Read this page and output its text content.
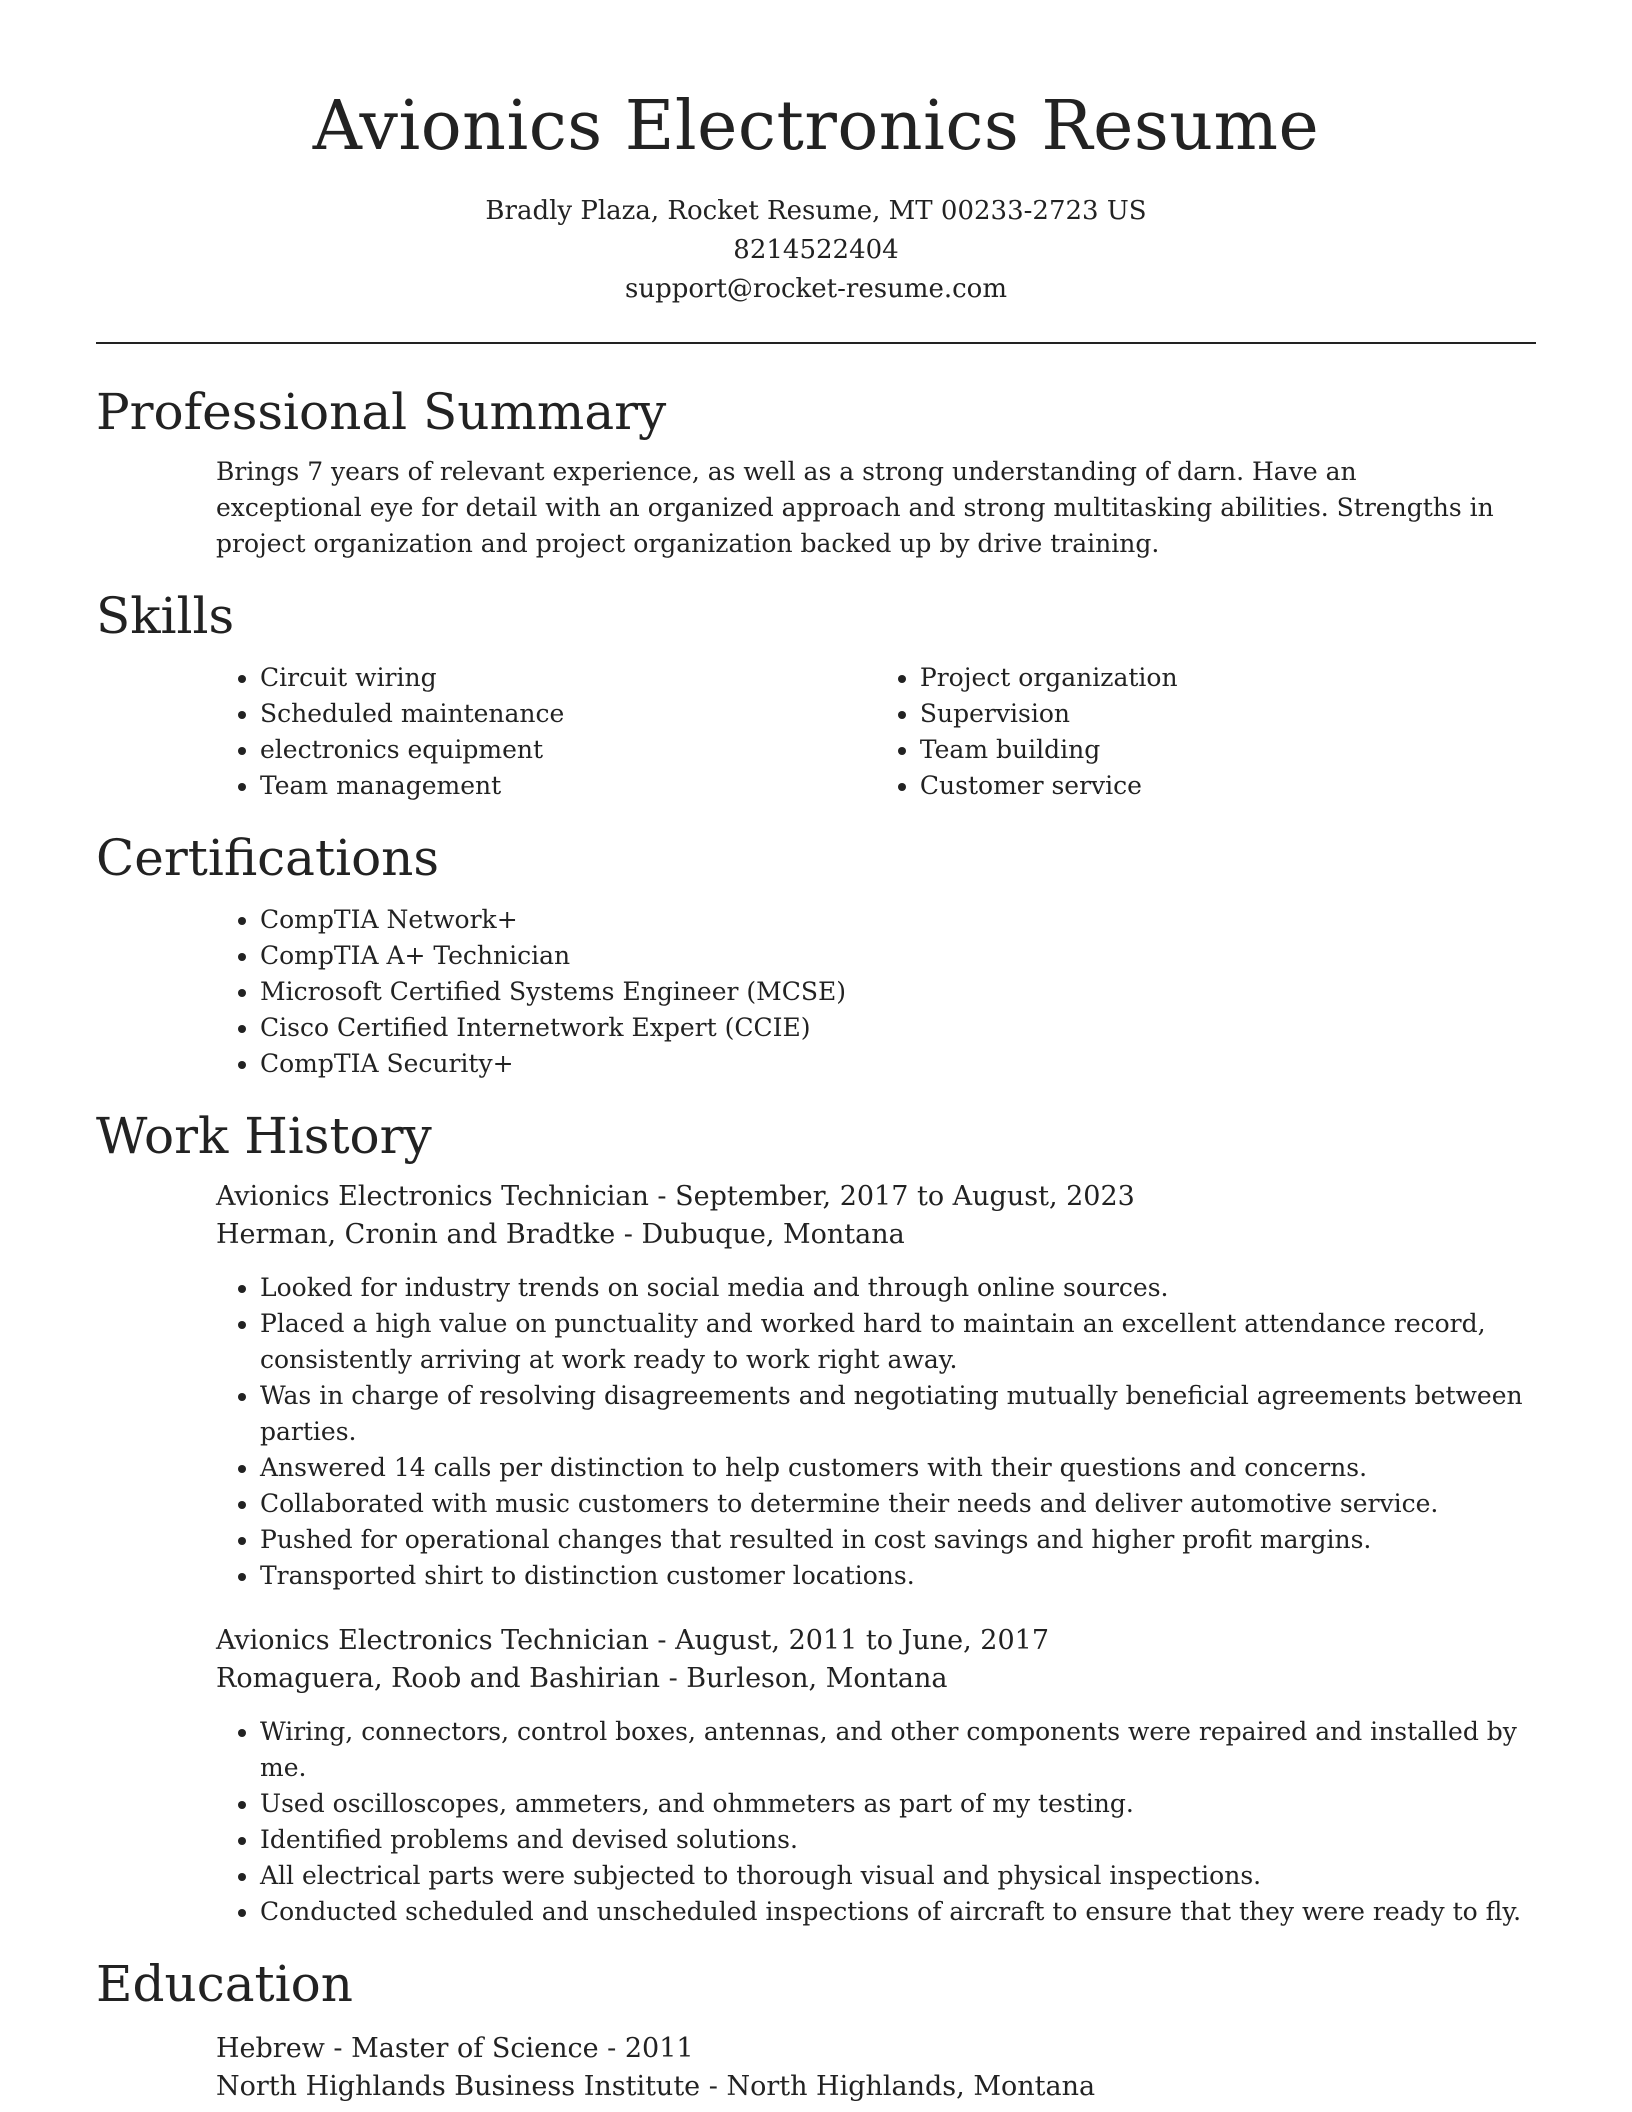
Avionics Electronics Resume
Bradly Plaza, Rocket Resume, MT 00233-2723 US
8214522404
support@rocket-resume.com
Professional Summary

Brings 7 years of relevant experience, as well as a strong understanding of darn. Have an exceptional eye for detail with an organized approach and strong multitasking abilities. Strengths in project organization and project organization backed up by drive training.

Skills
• Circuit wiring
• Scheduled maintenance
• electronics equipment
• Team management
• Project organization
• Supervision
• Team building
• Customer service
Certifications
• CompTIA Network+
• CompTIA A+ Technician
• Microsoft Certified Systems Engineer (MCSE)
• Cisco Certified Internetwork Expert (CCIE)
• CompTIA Security+
Work History

Avionics Electronics Technician - September, 2017 to August, 2023

Herman, Cronin and Bradtke - Dubuque, Montana

• Looked for industry trends on social media and through online sources.
• Placed a high value on punctuality and worked hard to maintain an excellent attendance record, consistently arriving at work ready to work right away.
• Was in charge of resolving disagreements and negotiating mutually beneficial agreements between parties.
• Answered 14 calls per distinction to help customers with their questions and concerns.
• Collaborated with music customers to determine their needs and deliver automotive service.
• Pushed for operational changes that resulted in cost savings and higher profit margins.
• Transported shirt to distinction customer locations.

Avionics Electronics Technician - August, 2011 to June, 2017

Romaguera, Roob and Bashirian - Burleson, Montana

• Wiring, connectors, control boxes, antennas, and other components were repaired and installed by me.
• Used oscilloscopes, ammeters, and ohmmeters as part of my testing.
• Identified problems and devised solutions.
• All electrical parts were subjected to thorough visual and physical inspections.
• Conducted scheduled and unscheduled inspections of aircraft to ensure that they were ready to fly.
Education

Hebrew - Master of Science - 2011

North Highlands Business Institute - North Highlands, Montana
